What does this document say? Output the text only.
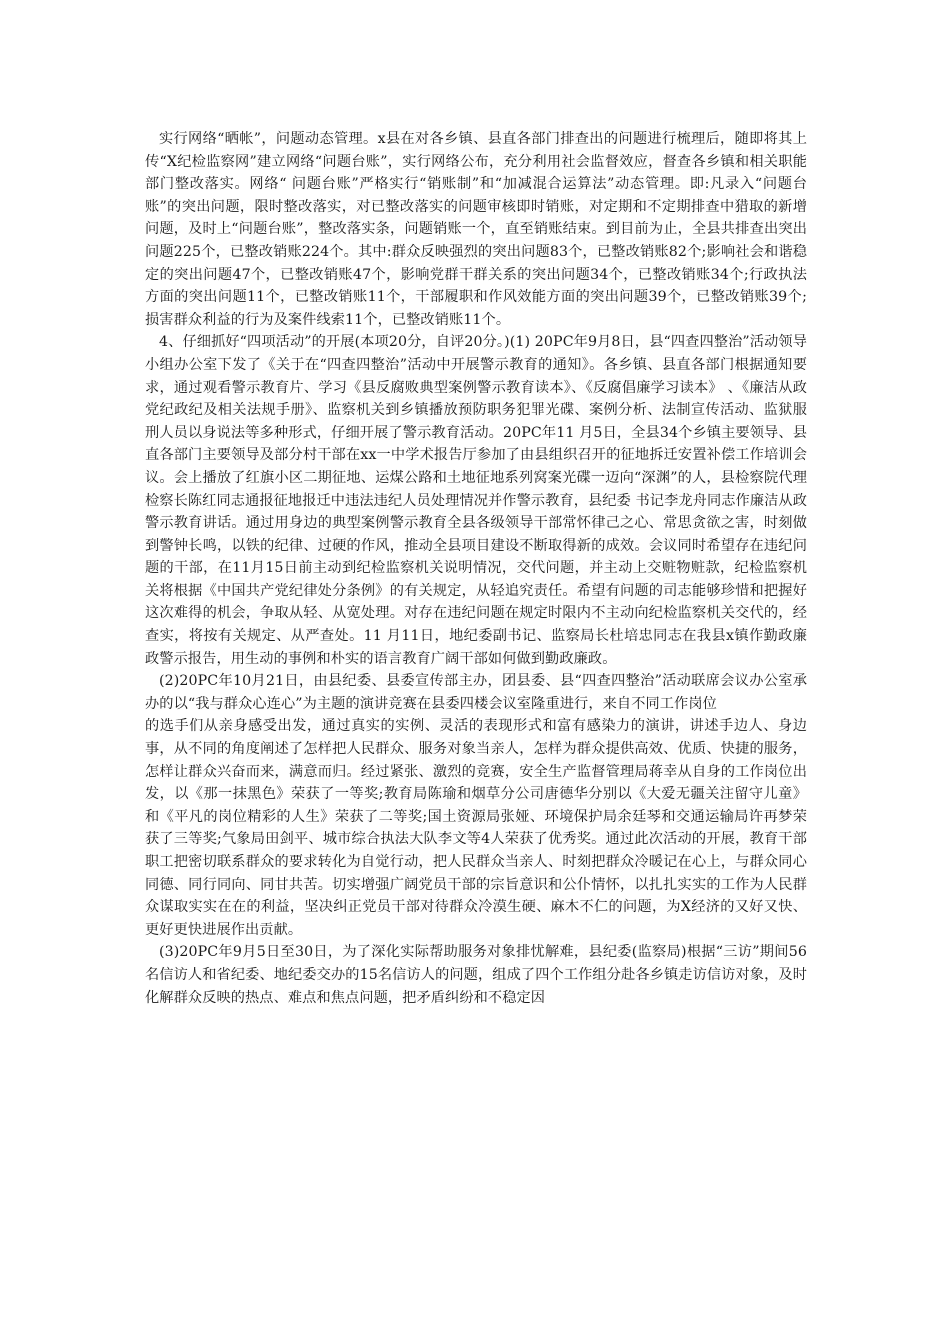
实行网络“晒帐”，问题动态管理。x县在对各乡镇、县直各部门排查出的问题进行梳理后，随即将其上传“X纪检监察网”建立网络“问题台账”，实行网络公布，充分利用社会监督效应，督查各乡镇和相关职能部门整改落实。网络“ 问题台账”严格实行“销账制”和“加减混合运算法”动态管理。即:凡录入“问题台账”的突出问题，限时整改落实，对已整改落实的问题审核即时销账，对定期和不定期排查中猎取的新增问题，及时上“问题台账”，整改落实条，问题销账一个，直至销账结束。到目前为止，全县共排查出突出问题225个，已整改销账224个。其中:群众反映强烈的突出问题83个，已整改销账82个;影响社会和谐稳定的突出问题47个，已整改销账47个，影响党群干群关系的突出问题34个，已整改销账34个;行政执法方面的突出问题11个，已整改销账11个，干部履职和作风效能方面的突出问题39个，已整改销账39个;损害群众利益的行为及案件线索11个，已整改销账11个。

4、仔细抓好“四项活动”的开展(本项20分，自评20分。)(1) 20PC年9月8日，县“四查四整治”活动领导小组办公室下发了《关于在“四查四整治”活动中开展警示教育的通知》。各乡镇、县直各部门根据通知要求，通过观看警示教育片、学习《县反腐败典型案例警示教育读本》、《反腐倡廉学习读本》 、《廉洁从政党纪政纪及相关法规手册》、监察机关到乡镇播放预防职务犯罪光碟、案例分析、法制宣传活动、监狱服刑人员以身说法等多种形式，仔细开展了警示教育活动。20PC年11 月5日，全县34个乡镇主要领导、县直各部门主要领导及部分村干部在xx一中学术报告厅参加了由县组织召开的征地拆迁安置补偿工作培训会议。会上播放了红旗小区二期征地、运煤公路和土地征地系列窝案光碟一迈向“深渊”的人，县检察院代理检察长陈红同志通报征地报迁中违法违纪人员处理情况并作警示教育，县纪委 书记李龙舟同志作廉洁从政警示教育讲话。通过用身边的典型案例警示教育全县各级领导干部常怀律己之心、常思贪欲之害，时刻做到警钟长鸣，以铁的纪律、过硬的作风，推动全县项目建设不断取得新的成效。会议同时希望存在违纪问题的干部，在11月15日前主动到纪检监察机关说明情况，交代问题，并主动上交赃物赃款，纪检监察机关将根据《中国共产党纪律处分条例》的有关规定，从轻追究责任。希望有问题的司志能够珍惜和把握好这次难得的机会，争取从轻、从宽处理。对存在违纪问题在规定时限内不主动向纪检监察机关交代的，经查实，将按有关规定、从严查处。11 月11日，地纪委副书记、监察局长杜培忠同志在我县x镇作勤政廉政警示报告，用生动的事例和朴实的语言教育广阔干部如何做到勤政廉政。

(2)20PC年10月21日，由县纪委、县委宣传部主办，团县委、县“四查四整治”活动联席会议办公室承办的以“我与群众心连心”为主题的演讲竞赛在县委四楼会议室隆重进行，来自不同工作岗位

的选手们从亲身感受出发，通过真实的实例、灵活的表现形式和富有感染力的演讲，讲述手边人、身边事，从不同的角度阐述了怎样把人民群众、服务对象当亲人，怎样为群众提供高效、优质、快捷的服务，怎样让群众兴奋而来，满意而归。经过紧张、激烈的竞赛，安全生产监督管理局蒋幸从自身的工作岗位出发，以《那一抹黑色》荣获了一等奖;教育局陈瑜和烟草分公司唐德华分别以《大爱无疆关注留守儿童》和《平凡的岗位精彩的人生》荣获了二等奖;国土资源局张娅、环境保护局余廷琴和交通运输局许再梦荣获了三等奖;气象局田剑平、城市综合执法大队李文等4人荣获了优秀奖。通过此次活动的开展，教育干部职工把密切联系群众的要求转化为自觉行动，把人民群众当亲人、时刻把群众冷暖记在心上，与群众同心同德、同行同向、同甘共苦。切实增强广阔党员干部的宗旨意识和公仆情怀，以扎扎实实的工作为人民群众谋取实实在在的利益，坚决纠正党员干部对待群众冷漠生硬、麻木不仁的问题，为X经济的又好又快、更好更快进展作出贡献。

(3)20PC年9月5日至30日，为了深化实际帮助服务对象排忧解难，县纪委(监察局)根据“三访”期间56名信访人和省纪委、地纪委交办的15名信访人的问题，组成了四个工作组分赴各乡镇走访信访对象，及时化解群众反映的热点、难点和焦点问题，把矛盾纠纷和不稳定因
